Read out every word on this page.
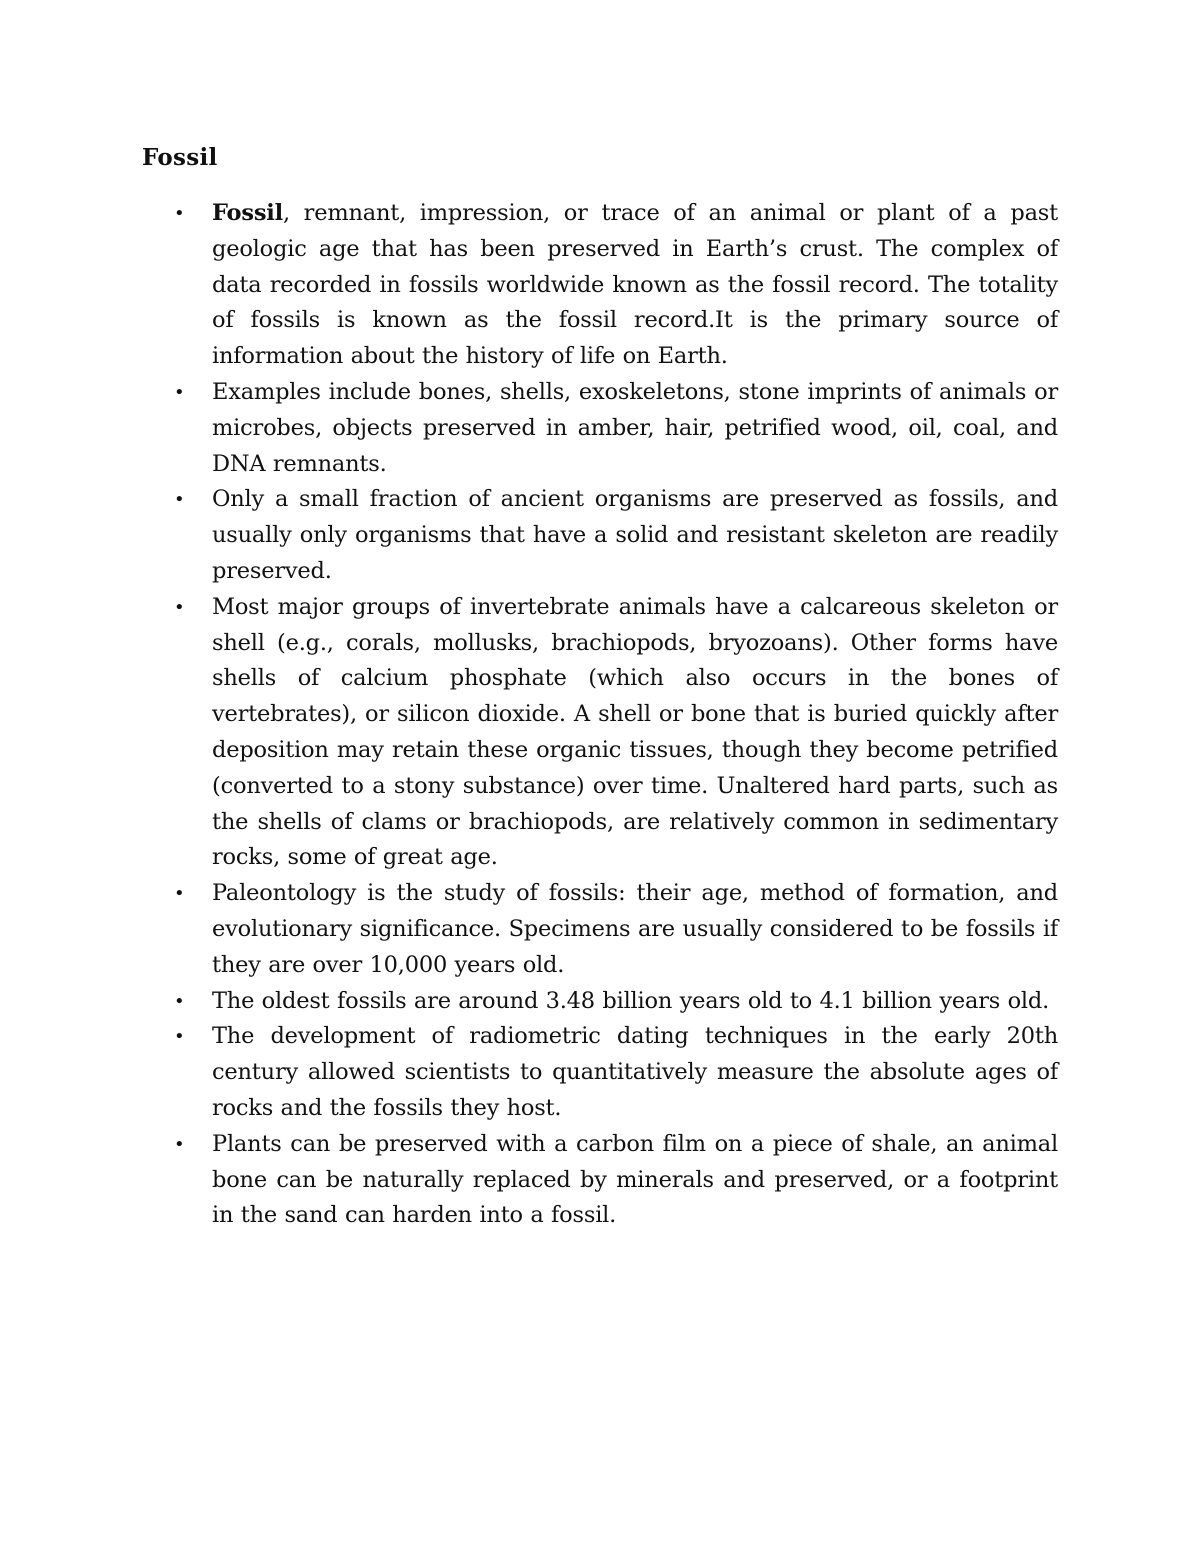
Fossil
• Fossil, remnant, impression, or trace of an animal or plant of a past geologic age that has been preserved in Earth’s crust. The complex of data recorded in fossils worldwide known as the fossil record. The totality of fossils is known as the fossil record.It is the primary source of information about the history of life on Earth.
• Examples include bones, shells, exoskeletons, stone imprints of animals or microbes, objects preserved in amber, hair, petrified wood, oil, coal, and DNA remnants.
• Only a small fraction of ancient organisms are preserved as fossils, and usually only organisms that have a solid and resistant skeleton are readily preserved.
• Most major groups of invertebrate animals have a calcareous skeleton or shell (e.g., corals, mollusks, brachiopods, bryozoans). Other forms have shells of calcium phosphate (which also occurs in the bones of vertebrates), or silicon dioxide. A shell or bone that is buried quickly after deposition may retain these organic tissues, though they become petrified (converted to a stony substance) over time. Unaltered hard parts, such as the shells of clams or brachiopods, are relatively common in sedimentary rocks, some of great age.
• Paleontology is the study of fossils: their age, method of formation, and evolutionary significance. Specimens are usually considered to be fossils if they are over 10,000 years old.
• The oldest fossils are around 3.48 billion years old to 4.1 billion years old.
• The development of radiometric dating techniques in the early 20th century allowed scientists to quantitatively measure the absolute ages of rocks and the fossils they host.
• Plants can be preserved with a carbon film on a piece of shale, an animal bone can be naturally replaced by minerals and preserved, or a footprint in the sand can harden into a fossil.
